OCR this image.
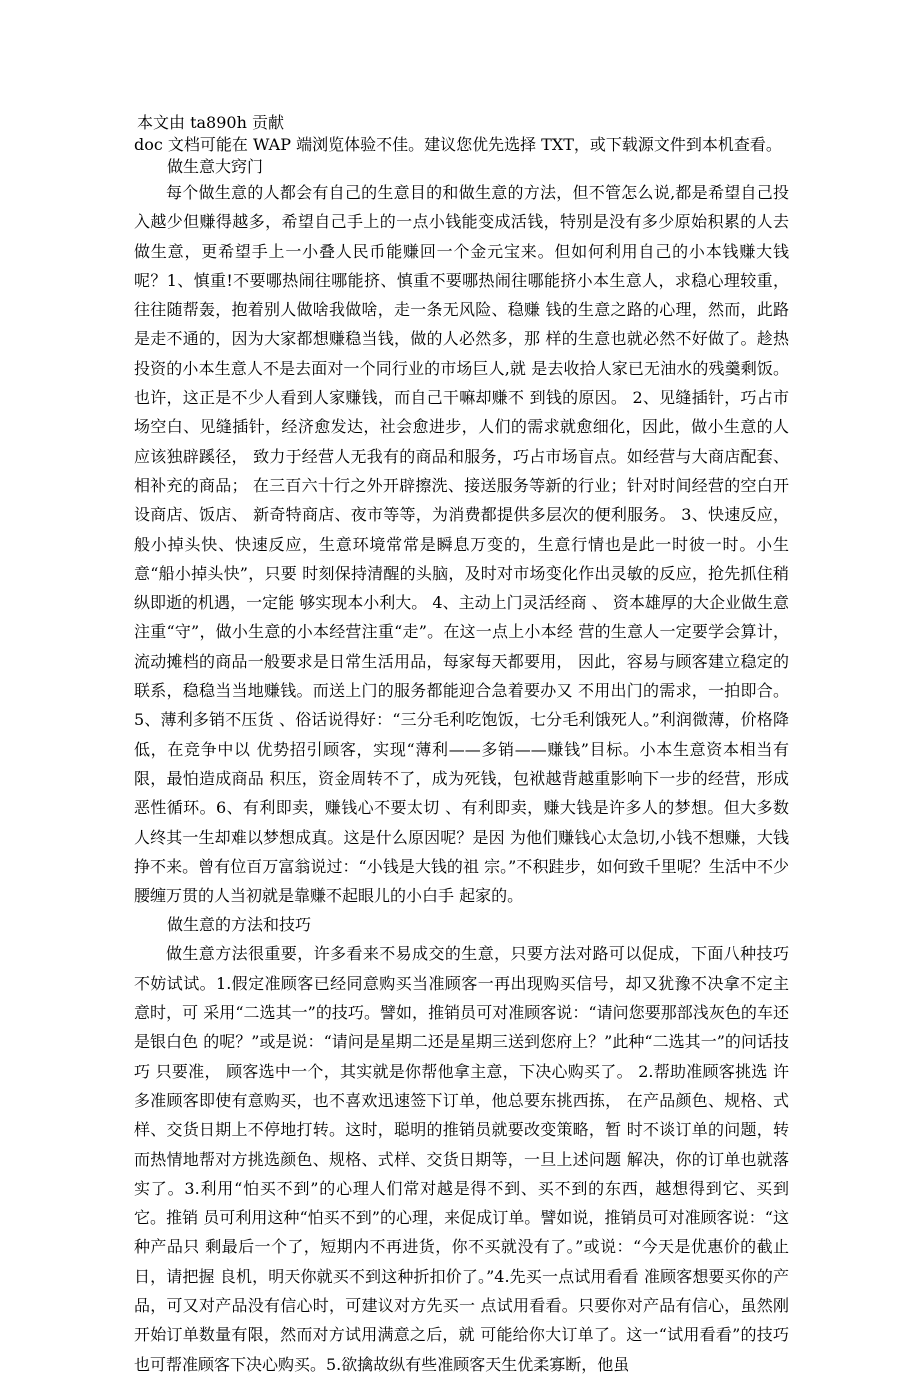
本文由 ta890h 贡献

doc 文档可能在 WAP 端浏览体验不佳。建议您优先选择 TXT，或下载源文件到本机查看。

做生意大窍门

每个做生意的人都会有自己的生意目的和做生意的方法，但不管怎么说,都是希望自己投入越少但赚得越多，希望自己手上的一点小钱能变成活钱，特别是没有多少原始积累的人去做生意，更希望手上一小叠人民币能赚回一个金元宝来。但如何利用自己的小本钱赚大钱呢？1、慎重!不要哪热闹往哪能挤、慎重不要哪热闹往哪能挤小本生意人，求稳心理较重，往往随帮轰，抱着别人做啥我做啥，走一条无风险、稳赚 钱的生意之路的心理，然而，此路是走不通的，因为大家都想赚稳当钱，做的人必然多，那 样的生意也就必然不好做了。趁热投资的小本生意人不是去面对一个同行业的市场巨人,就 是去收拾人家已无油水的残羹剩饭。也许，这正是不少人看到人家赚钱，而自己干嘛却赚不 到钱的原因。 2、见缝插针，巧占市场空白、见缝插针，经济愈发达，社会愈进步，人们的需求就愈细化，因此，做小生意的人应该独辟蹊径， 致力于经营人无我有的商品和服务，巧占市场盲点。如经营与大商店配套、相补充的商品； 在三百六十行之外开辟擦洗、接送服务等新的行业；针对时间经营的空白开设商店、饭店、 新奇特商店、夜市等等，为消费都提供多层次的便利服务。 3、快速反应，般小掉头快、快速反应，生意环境常常是瞬息万变的，生意行情也是此一时彼一时。小生意“船小掉头快”，只要 时刻保持清醒的头脑，及时对市场变化作出灵敏的反应，抢先抓住稍纵即逝的机遇，一定能 够实现本小利大。 4、主动上门灵活经商 、 资本雄厚的大企业做生意注重“守”，做小生意的小本经营注重“走”。在这一点上小本经 营的生意人一定要学会算计，流动摊档的商品一般要求是日常生活用品，每家每天都要用， 因此，容易与顾客建立稳定的联系，稳稳当当地赚钱。而送上门的服务都能迎合急着要办又 不用出门的需求，一拍即合。 5、薄利多销不压货 、俗话说得好：“三分毛利吃饱饭，七分毛利饿死人。”利润微薄，价格降低，在竞争中以 优势招引顾客，实现“薄利——多销——赚钱”目标。小本生意资本相当有限，最怕造成商品 积压，资金周转不了，成为死钱，包袱越背越重影响下一步的经营，形成恶性循环。6、有利即卖，赚钱心不要太切 、有利即卖，赚大钱是许多人的梦想。但大多数人终其一生却难以梦想成真。这是什么原因呢？是因 为他们赚钱心太急切,小钱不想赚，大钱挣不来。曾有位百万富翁说过：“小钱是大钱的祖 宗。”不积跬步，如何致千里呢？生活中不少腰缠万贯的人当初就是靠赚不起眼儿的小白手 起家的。

做生意的方法和技巧

做生意方法很重要，许多看来不易成交的生意，只要方法对路可以促成，下面八种技巧不妨试试。1.假定准顾客已经同意购买当准顾客一再出现购买信号，却又犹豫不决拿不定主意时，可 采用“二选其一”的技巧。譬如，推销员可对准顾客说：“请问您要那部浅灰色的车还是银白色 的呢？”或是说：“请问是星期二还是星期三送到您府上？”此种“二选其一”的问话技巧 只要准， 顾客选中一个，其实就是你帮他拿主意，下决心购买了。 2.帮助准顾客挑选 许多准顾客即使有意购买，也不喜欢迅速签下订单，他总要东挑西拣， 在产品颜色、规格、式样、交货日期上不停地打转。这时，聪明的推销员就要改变策略，暂 时不谈订单的问题，转而热情地帮对方挑选颜色、规格、式样、交货日期等，一旦上述问题 解决，你的订单也就落实了。3.利用“怕买不到”的心理人们常对越是得不到、买不到的东西，越想得到它、买到它。推销 员可利用这种“怕买不到”的心理，来促成订单。譬如说，推销员可对准顾客说：“这种产品只 剩最后一个了，短期内不再进货，你不买就没有了。”或说：“今天是优惠价的截止日，请把握 良机，明天你就买不到这种折扣价了。”4.先买一点试用看看 准顾客想要买你的产品，可又对产品没有信心时，可建议对方先买一 点试用看看。只要你对产品有信心，虽然刚开始订单数量有限，然而对方试用满意之后，就 可能给你大订单了。这一“试用看看”的技巧也可帮准顾客下决心购买。5.欲擒故纵有些准顾客天生优柔寡断，他虽
